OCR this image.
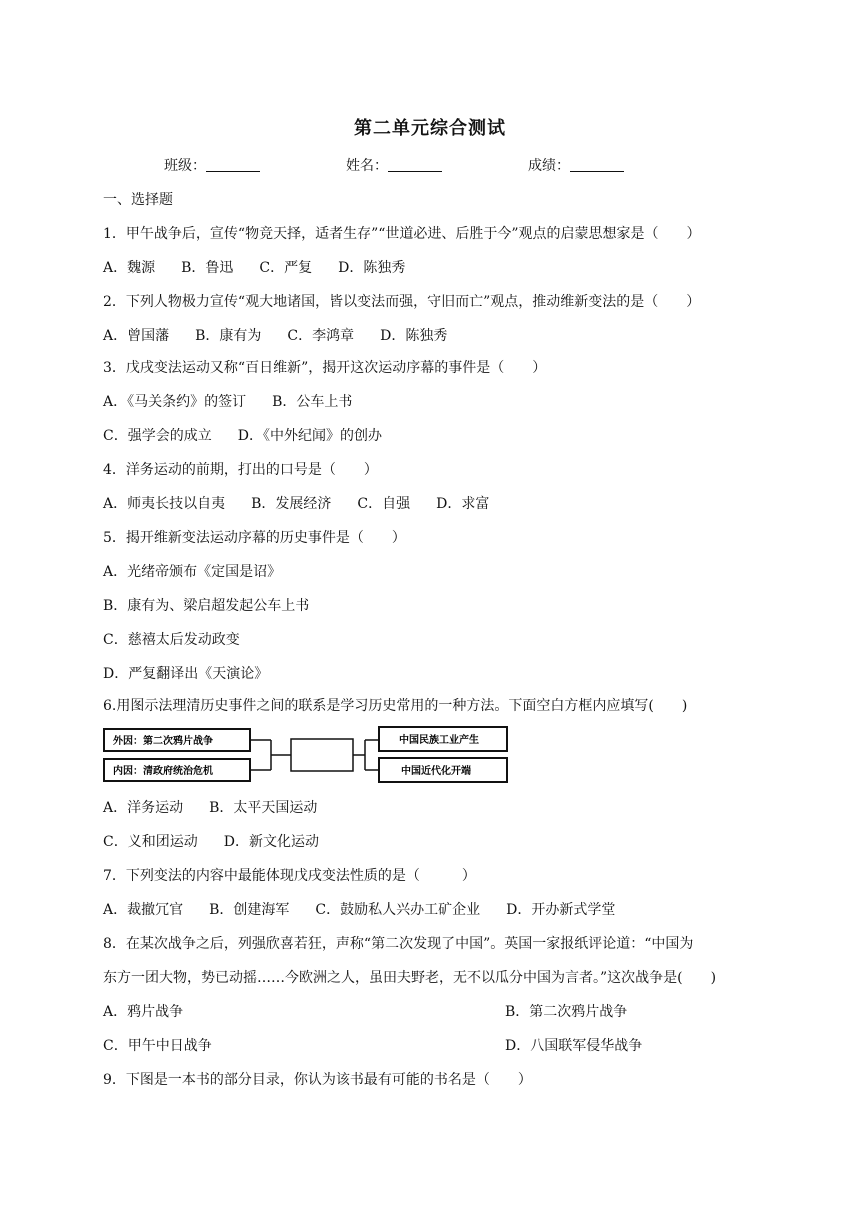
第二单元综合测试
班级：	姓名：	成绩：
一、选择题
1．甲午战争后，宣传“物竞天择，适者生存”“世道必进、后胜于今”观点的启蒙思想家是（　　）
A．魏源 B．鲁迅 C．严复 D．陈独秀
2．下列人物极力宣传“观大地诸国，皆以变法而强，守旧而亡”观点，推动维新变法的是（　　）
A．曾国藩 B．康有为 C．李鸿章 D．陈独秀
3．戊戌变法运动又称“百日维新”，揭开这次运动序幕的事件是（　　）
A．《马关条约》的签订 B．公车上书
C．强学会的成立 D．《中外纪闻》的创办
4．洋务运动的前期，打出的口号是（　　）
A．师夷长技以自夷 B．发展经济 C．自强 D．求富
5．揭开维新变法运动序幕的历史事件是（　　）
A．光绪帝颁布《定国是诏》
B．康有为、梁启超发起公车上书
C．慈禧太后发动政变
D．严复翻译出《天演论》
6.用图示法理清历史事件之间的联系是学习历史常用的一种方法。下面空白方框内应填写(　　)
外因：第二次鸦片战争
内因：清政府统治危机
中国民族工业产生
中国近代化开端
A．洋务运动 B．太平天国运动
C．义和团运动 D．新文化运动
7．下列变法的内容中最能体现戊戌变法性质的是（　　　）
A．裁撤冗官 B．创建海军 C．鼓励私人兴办工矿企业 D．开办新式学堂
8．在某次战争之后，列强欣喜若狂，声称“第二次发现了中国”。英国一家报纸评论道：“中国为
东方一团大物，势已动摇……今欧洲之人，虽田夫野老，无不以瓜分中国为言者。”这次战争是(　　)
A．鸦片战争	B．第二次鸦片战争
C．甲午中日战争	D．八国联军侵华战争
9．下图是一本书的部分目录，你认为该书最有可能的书名是（　　）
